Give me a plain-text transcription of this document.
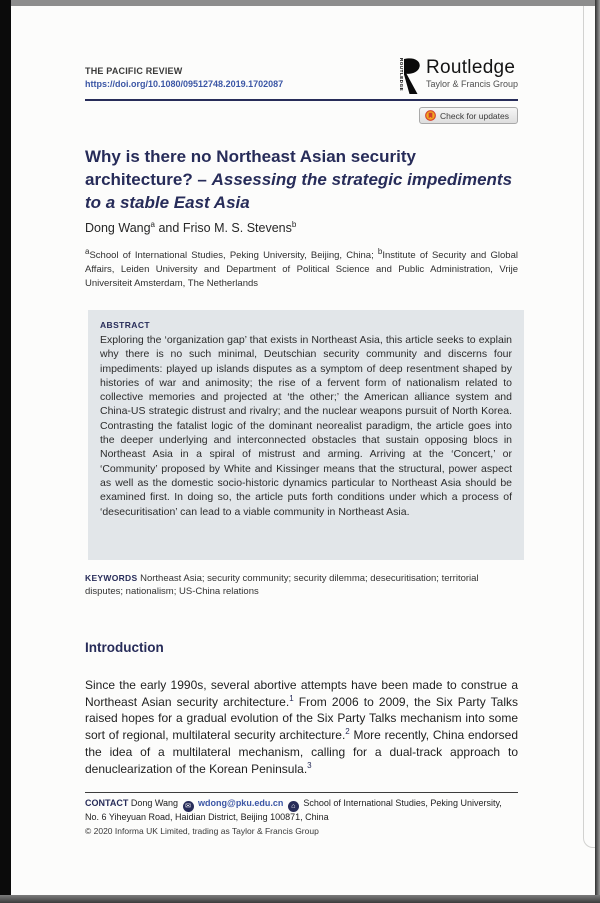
THE PACIFIC REVIEW
https://doi.org/10.1080/09512748.2019.1702087	ROUTLEDGE Routledge
Taylor & Francis Group
Check for updates
Why is there no Northeast Asian security architecture? – Assessing the strategic impediments to a stable East Asia
Dong Wang$^a$ and Friso M. S. Stevens$^b$
$^a$School of International Studies, Peking University, Beijing, China; $^b$Institute of Security and Global Affairs, Leiden University and Department of Political Science and Public Administration, Vrije Universiteit Amsterdam, The Netherlands
ABSTRACT
Exploring the ‘organization gap’ that exists in Northeast Asia, this article seeks to explain why there is no such minimal, Deutschian security community and discerns four impediments: played up islands disputes as a symptom of deep resentment shaped by histories of war and animosity; the rise of a fervent form of nationalism related to collective memories and projected at ‘the other;’ the American alliance system and China-US strategic distrust and rivalry; and the nuclear weapons pursuit of North Korea. Contrasting the fatalist logic of the dominant neorealist paradigm, the article goes into the deeper underlying and interconnected obstacles that sustain opposing blocs in Northeast Asia in a spiral of mistrust and arming. Arriving at the ‘Concert,’ or ‘Community’ proposed by White and Kissinger means that the structural, power aspect as well as the domestic socio-historic dynamics particular to Northeast Asia should be examined first. In doing so, the article puts forth conditions under which a process of ‘desecuritisation’ can lead to a viable community in Northeast Asia.
KEYWORDS Northeast Asia; security community; security dilemma; desecuritisation; territorial disputes; nationalism; US-China relations
Introduction

Since the early 1990s, several abortive attempts have been made to construe a Northeast Asian security architecture.$^1$ From 2006 to 2009, the Six Party Talks raised hopes for a gradual evolution of the Six Party Talks mechanism into some sort of regional, multilateral security architecture.$^2$ More recently, China endorsed the idea of a multilateral mechanism, calling for a dual-track approach to denuclearization of the Korean Peninsula.$^3$

CONTACT Dong Wang ✉ wdong@pku.edu.cn ⌂ School of International Studies, Peking University, No. 6 Yiheyuan Road, Haidian District, Beijing 100871, China
© 2020 Informa UK Limited, trading as Taylor & Francis Group
